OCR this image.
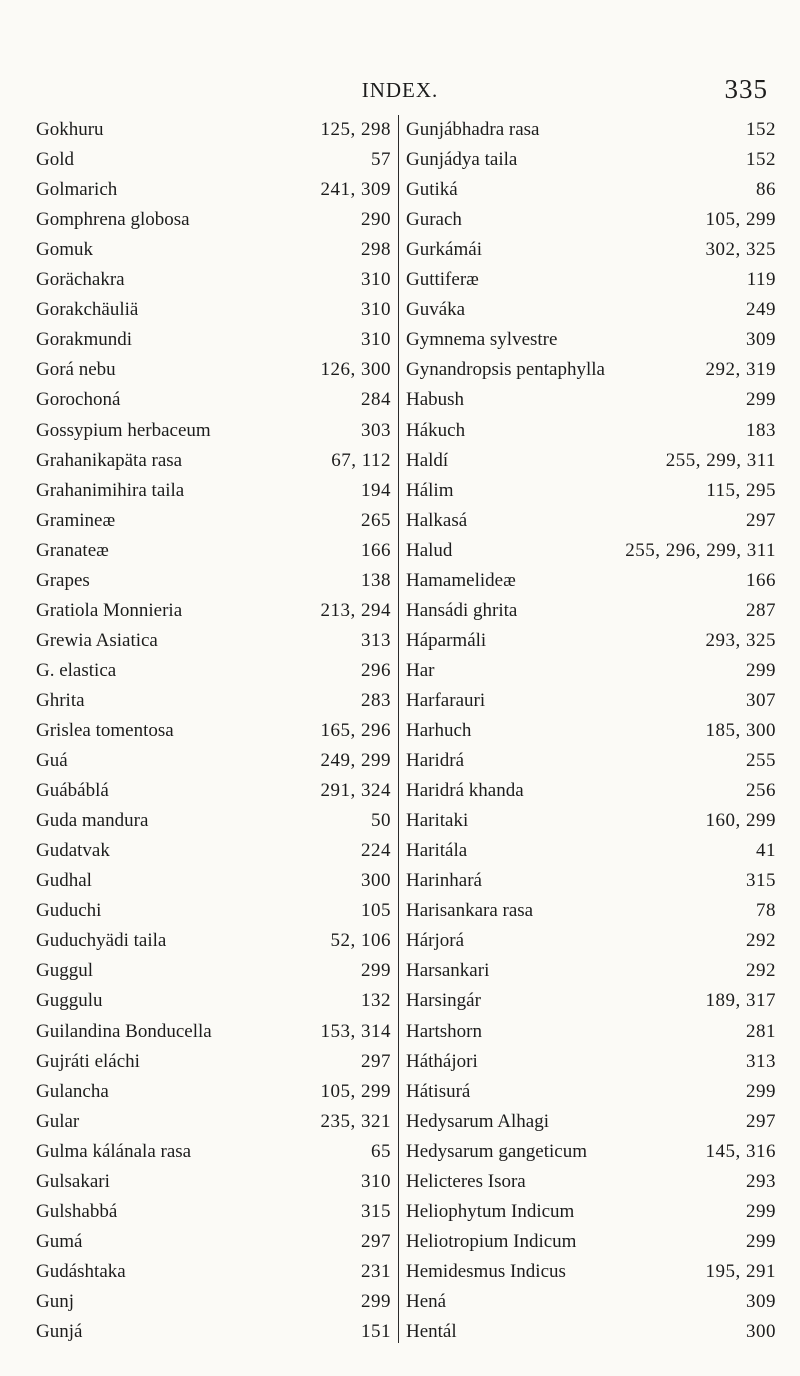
INDEX.	335
Gokhuru	125, 298
Gold	57
Golmarich	241, 309
Gomphrena globosa	290
Gomuk	298
Gorächakra	310
Gorakchäuliä	310
Gorakmundi	310
Gorá nebu	126, 300
Gorochoná	284
Gossypium herbaceum	303
Grahanikapäta rasa	67, 112
Grahanimihira taila	194
Gramineæ	265
Granateæ	166
Grapes	138
Gratiola Monnieria	213, 294
Grewia Asiatica	313
G. elastica	296
Ghrita	283
Grislea tomentosa	165, 296
Guá	249, 299
Guábáblá	291, 324
Guda mandura	50
Gudatvak	224
Gudhal	300
Guduchi	105
Guduchyädi taila	52, 106
Guggul	299
Guggulu	132
Guilandina Bonducella	153, 314
Gujráti eláchi	297
Gulancha	105, 299
Gular	235, 321
Gulma kálánala rasa	65
Gulsakari	310
Gulshabbá	315
Gumá	297
Gudáshtaka	231
Gunj	299
Gunjá	151
Gunjábhadra rasa	152
Gunjádya taila	152
Gutiká	86
Gurach	105, 299
Gurkámái	302, 325
Guttiferæ	119
Guváka	249
Gymnema sylvestre	309
Gynandropsis pentaphylla	292, 319
Habush	299
Hákuch	183
Haldí	255, 299, 311
Hálim	115, 295
Halkasá	297
Halud	255, 296, 299, 311
Hamamelideæ	166
Hansádi ghrita	287
Háparmáli	293, 325
Har	299
Harfarauri	307
Harhuch	185, 300
Haridrá	255
Haridrá khanda	256
Haritaki	160, 299
Haritála	41
Harinhará	315
Harisankara rasa	78
Hárjorá	292
Harsankari	292
Harsingár	189, 317
Hartshorn	281
Háthájori	313
Hátisurá	299
Hedysarum Alhagi	297
Hedysarum gangeticum	145, 316
Helicteres Isora	293
Heliophytum Indicum	299
Heliotropium Indicum	299
Hemidesmus Indicus	195, 291
Hená	309
Hentál	300
